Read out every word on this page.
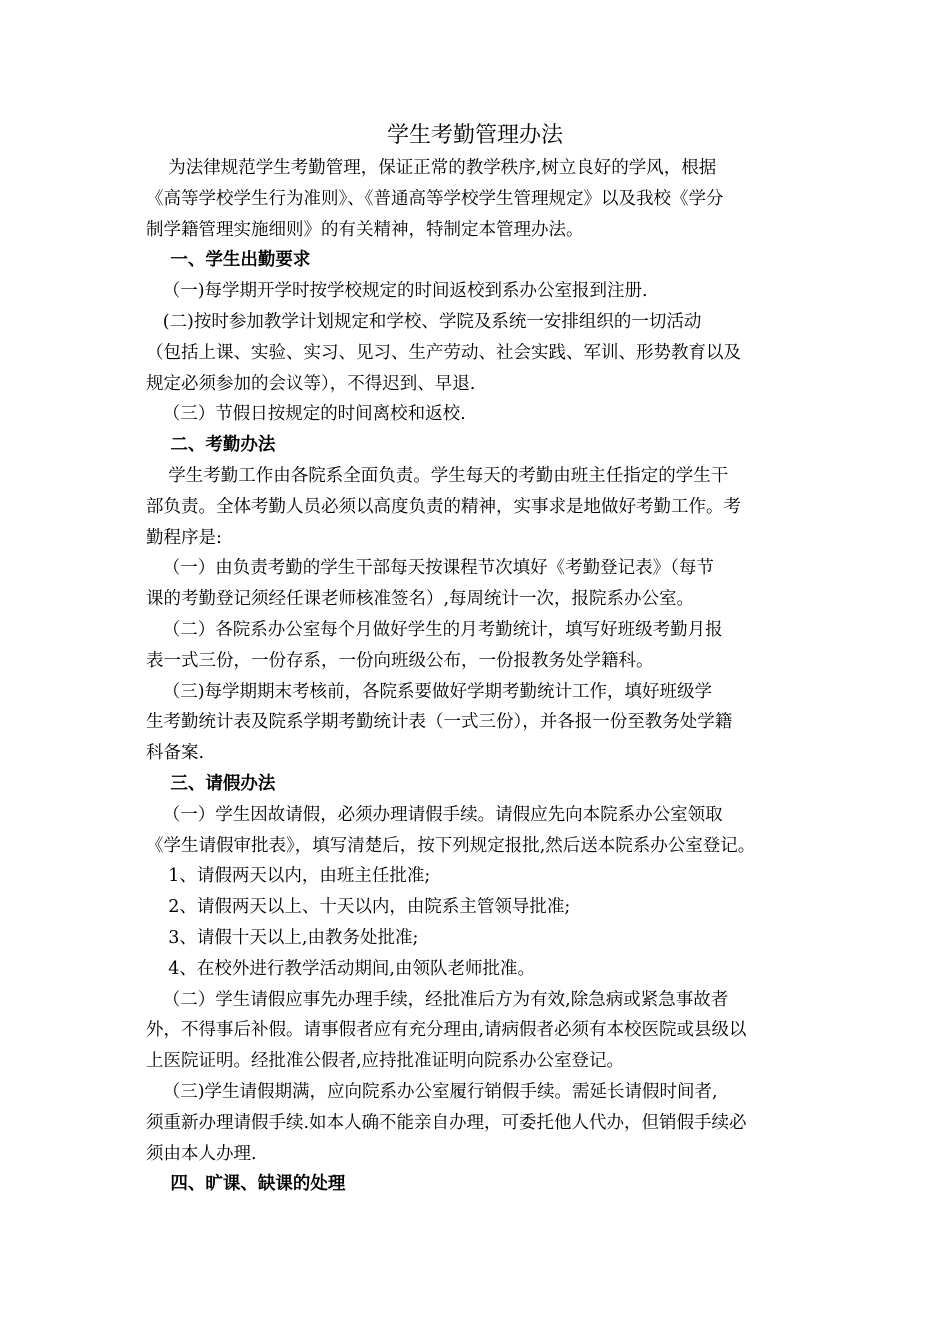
学生考勤管理办法

为法律规范学生考勤管理，保证正常的教学秩序,树立良好的学风，根据

《高等学校学生行为准则》、《普通高等学校学生管理规定》以及我校《学分

制学籍管理实施细则》的有关精神，特制定本管理办法。

一、学生出勤要求

（一)每学期开学时按学校规定的时间返校到系办公室报到注册.

(二)按时参加教学计划规定和学校、学院及系统一安排组织的一切活动

（包括上课、实验、实习、见习、生产劳动、社会实践、军训、形势教育以及

规定必须参加的会议等），不得迟到、早退.

（三）节假日按规定的时间离校和返校.

二、考勤办法

学生考勤工作由各院系全面负责。学生每天的考勤由班主任指定的学生干

部负责。全体考勤人员必须以高度负责的精神，实事求是地做好考勤工作。考

勤程序是:

（一）由负责考勤的学生干部每天按课程节次填好《考勤登记表》（每节

课的考勤登记须经任课老师核准签名）,每周统计一次，报院系办公室。

（二）各院系办公室每个月做好学生的月考勤统计，填写好班级考勤月报

表一式三份，一份存系，一份向班级公布，一份报教务处学籍科。

（三)每学期期末考核前，各院系要做好学期考勤统计工作，填好班级学

生考勤统计表及院系学期考勤统计表（一式三份），并各报一份至教务处学籍

科备案.

三、请假办法

（一）学生因故请假，必须办理请假手续。请假应先向本院系办公室领取

《学生请假审批表》，填写清楚后，按下列规定报批,然后送本院系办公室登记。

1、请假两天以内，由班主任批准;

2、请假两天以上、十天以内，由院系主管领导批准;

3、请假十天以上,由教务处批准;

4、在校外进行教学活动期间,由领队老师批准。

（二）学生请假应事先办理手续，经批准后方为有效,除急病或紧急事故者

外，不得事后补假。请事假者应有充分理由,请病假者必须有本校医院或县级以

上医院证明。经批准公假者,应持批准证明向院系办公室登记。

（三)学生请假期满，应向院系办公室履行销假手续。需延长请假时间者,

须重新办理请假手续.如本人确不能亲自办理，可委托他人代办，但销假手续必

须由本人办理.

四、旷课、缺课的处理
